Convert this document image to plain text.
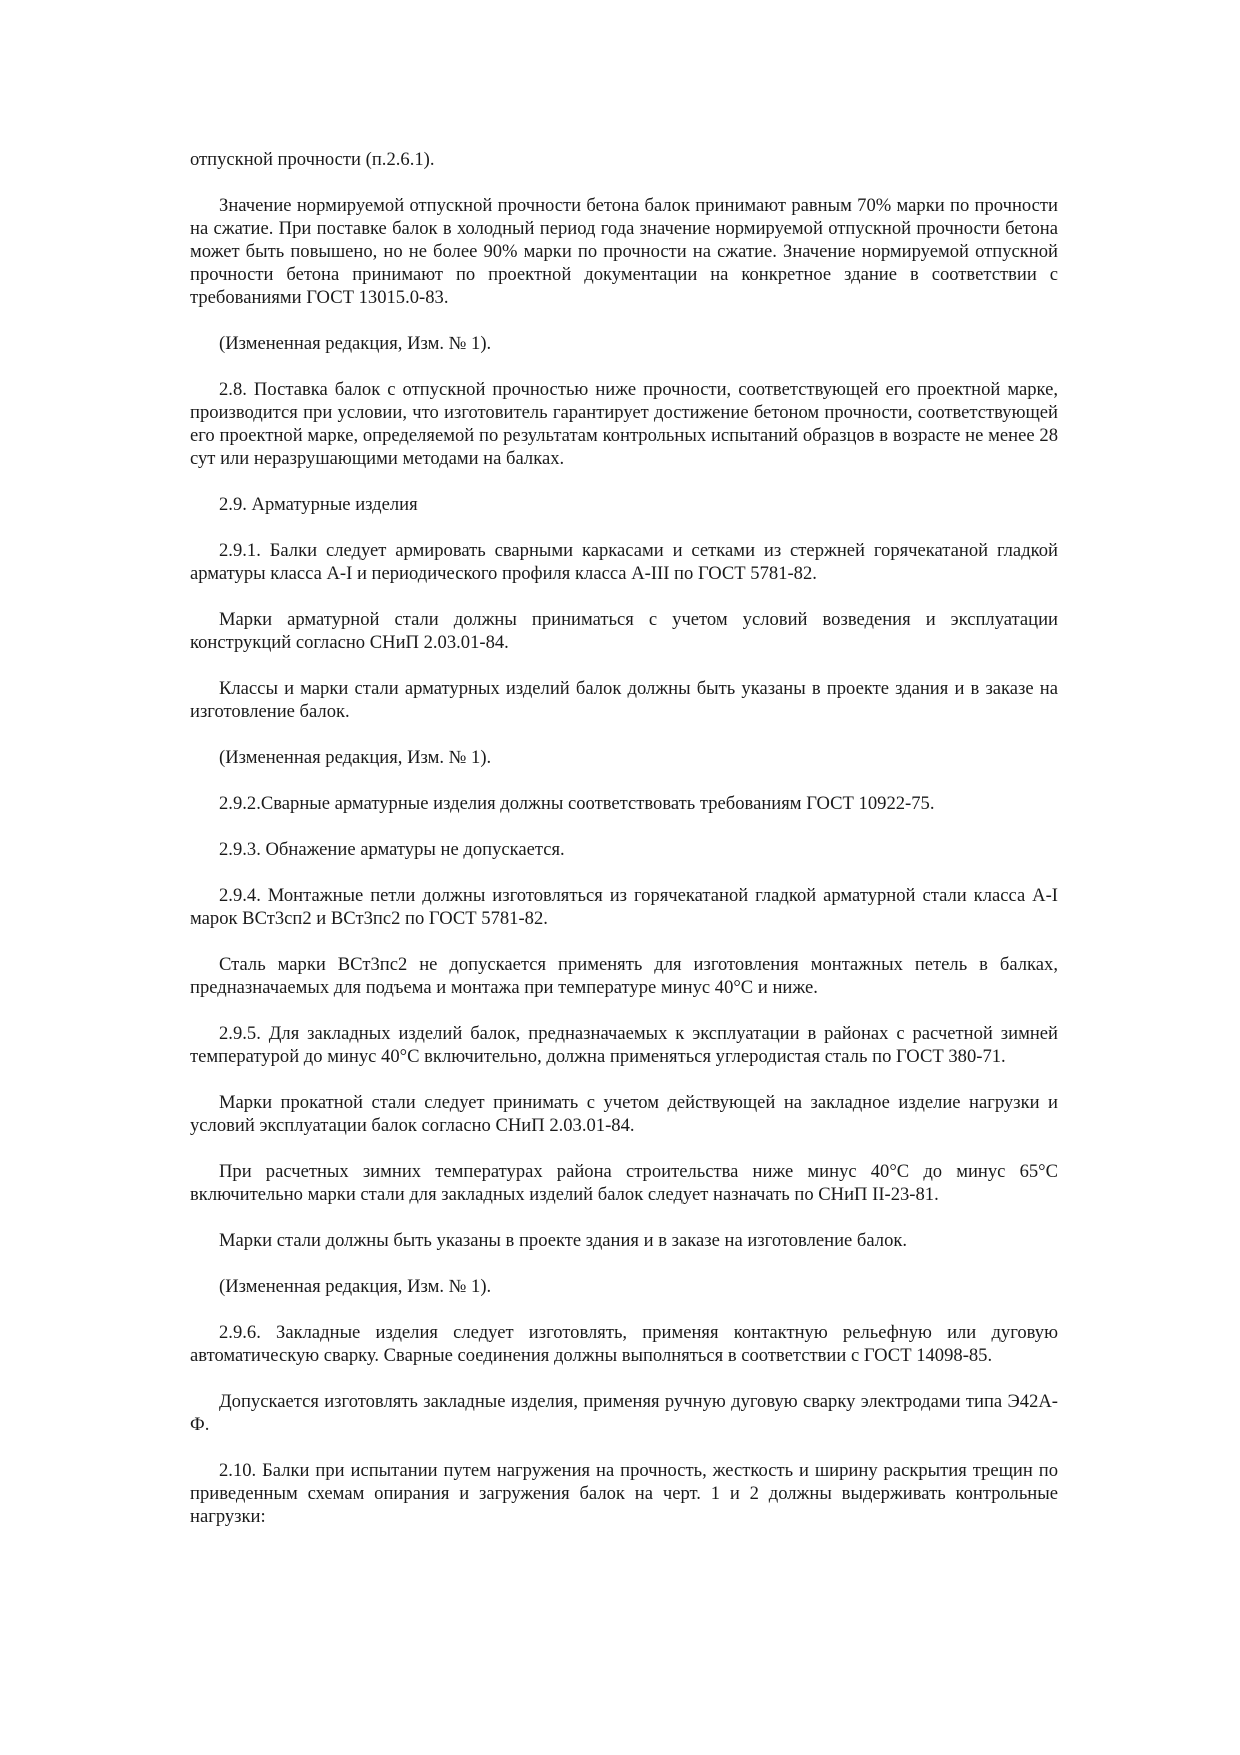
отпускной прочности (п.2.6.1).

Значение нормируемой отпускной прочности бетона балок принимают равным 70% марки по прочности на сжатие. При поставке балок в холодный период года значение нормируемой отпускной прочности бетона может быть повышено, но не более 90% марки по прочности на сжатие. Значение нормируемой отпускной прочности бетона принимают по проектной документации на конкретное здание в соответствии с требованиями ГОСТ 13015.0-83.

(Измененная редакция, Изм. № 1).

2.8. Поставка балок с отпускной прочностью ниже прочности, соответствующей его проектной марке, производится при условии, что изготовитель гарантирует достижение бетоном прочности, соответствующей его проектной марке, определяемой по результатам контрольных испытаний образцов в возрасте не менее 28 сут или неразрушающими методами на балках.

2.9. Арматурные изделия

2.9.1. Балки следует армировать сварными каркасами и сетками из стержней горячекатаной гладкой арматуры класса A-I и периодического профиля класса A-III по ГОСТ 5781-82.

Марки арматурной стали должны приниматься с учетом условий возведения и эксплуатации конструкций согласно СНиП 2.03.01-84.

Классы и марки стали арматурных изделий балок должны быть указаны в проекте здания и в заказе на изготовление балок.

(Измененная редакция, Изм. № 1).

2.9.2.Сварные арматурные изделия должны соответствовать требованиям ГОСТ 10922-75.

2.9.3. Обнажение арматуры не допускается.

2.9.4. Монтажные петли должны изготовляться из горячекатаной гладкой арматурной стали класса A-I марок ВСт3сп2 и ВСт3пс2 по ГОСТ 5781-82.

Сталь марки ВСт3пс2 не допускается применять для изготовления монтажных петель в балках, предназначаемых для подъема и монтажа при температуре минус 40°С и ниже.

2.9.5. Для закладных изделий балок, предназначаемых к эксплуатации в районах с расчетной зимней температурой до минус 40°С включительно, должна применяться углеродистая сталь по ГОСТ 380-71.

Марки прокатной стали следует принимать с учетом действующей на закладное изделие нагрузки и условий эксплуатации балок согласно СНиП 2.03.01-84.

При расчетных зимних температурах района строительства ниже минус 40°С до минус 65°С включительно марки стали для закладных изделий балок следует назначать по СНиП II-23-81.

Марки стали должны быть указаны в проекте здания и в заказе на изготовление балок.

(Измененная редакция, Изм. № 1).

2.9.6. Закладные изделия следует изготовлять, применяя контактную рельефную или дуговую автоматическую сварку. Сварные соединения должны выполняться в соответствии с ГОСТ 14098-85.

Допускается изготовлять закладные изделия, применяя ручную дуговую сварку электродами типа Э42А-Ф.

2.10. Балки при испытании путем нагружения на прочность, жесткость и ширину раскрытия трещин по приведенным схемам опирания и загружения балок на черт. 1 и 2 должны выдерживать контрольные нагрузки:
